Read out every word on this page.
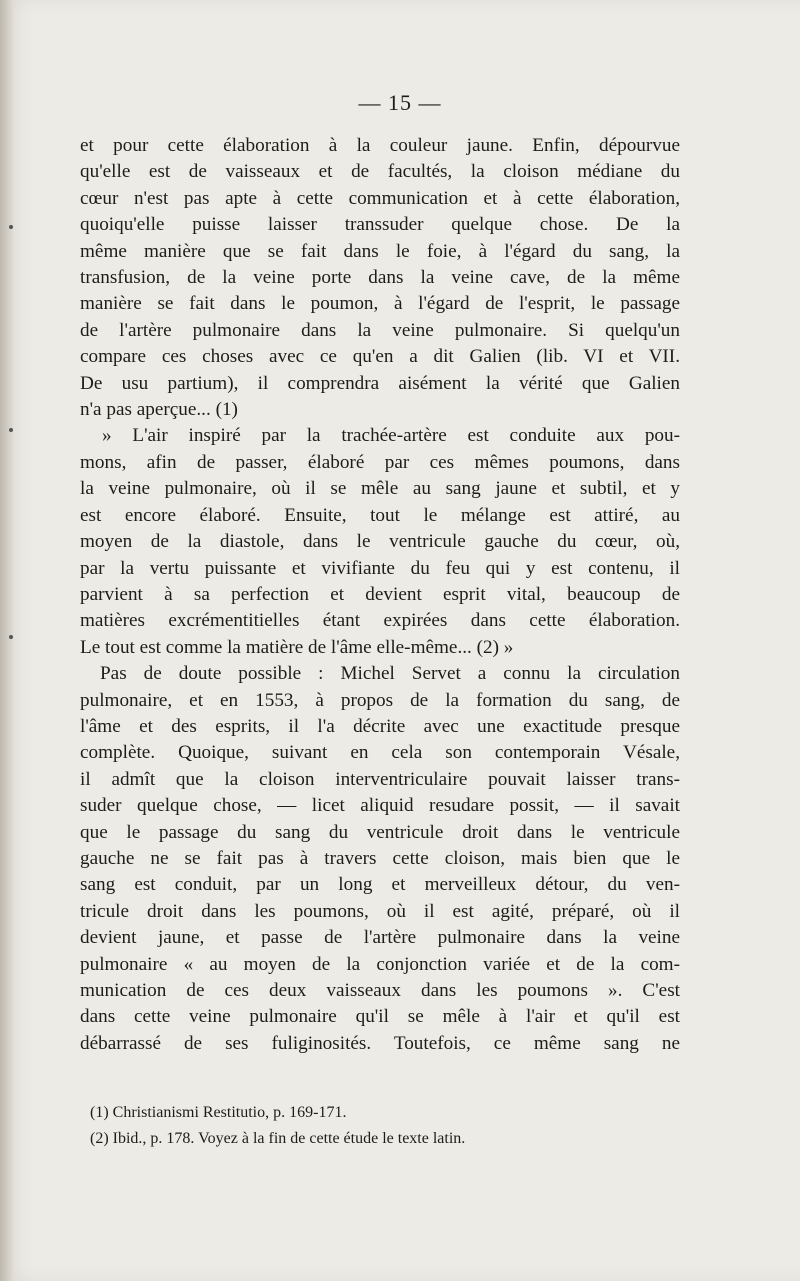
— 15 —
et pour cette élaboration à la couleur jaune. Enfin, dépourvue
qu'elle est de vaisseaux et de facultés, la cloison médiane du
cœur n'est pas apte à cette communication et à cette élaboration,
quoiqu'elle puisse laisser transsuder quelque chose. De la
même manière que se fait dans le foie, à l'égard du sang, la
transfusion, de la veine porte dans la veine cave, de la même
manière se fait dans le poumon, à l'égard de l'esprit, le passage
de l'artère pulmonaire dans la veine pulmonaire. Si quelqu'un
compare ces choses avec ce qu'en a dit Galien (lib. VI et VII.
De usu partium), il comprendra aisément la vérité que Galien
n'a pas aperçue... (1)
» L'air inspiré par la trachée-artère est conduite aux pou-
mons, afin de passer, élaboré par ces mêmes poumons, dans
la veine pulmonaire, où il se mêle au sang jaune et subtil, et y
est encore élaboré. Ensuite, tout le mélange est attiré, au
moyen de la diastole, dans le ventricule gauche du cœur, où,
par la vertu puissante et vivifiante du feu qui y est contenu, il
parvient à sa perfection et devient esprit vital, beaucoup de
matières excrémentitielles étant expirées dans cette élaboration.
Le tout est comme la matière de l'âme elle-même... (2) »
Pas de doute possible : Michel Servet a connu la circulation
pulmonaire, et en 1553, à propos de la formation du sang, de
l'âme et des esprits, il l'a décrite avec une exactitude presque
complète. Quoique, suivant en cela son contemporain Vésale,
il admît que la cloison interventriculaire pouvait laisser trans-
suder quelque chose, — licet aliquid resudare possit, — il savait
que le passage du sang du ventricule droit dans le ventricule
gauche ne se fait pas à travers cette cloison, mais bien que le
sang est conduit, par un long et merveilleux détour, du ven-
tricule droit dans les poumons, où il est agité, préparé, où il
devient jaune, et passe de l'artère pulmonaire dans la veine
pulmonaire « au moyen de la conjonction variée et de la com-
munication de ces deux vaisseaux dans les poumons ». C'est
dans cette veine pulmonaire qu'il se mêle à l'air et qu'il est
débarrassé de ses fuliginosités. Toutefois, ce même sang ne
(1) Christianismi Restitutio, p. 169-171.
(2) Ibid., p. 178. Voyez à la fin de cette étude le texte latin.
